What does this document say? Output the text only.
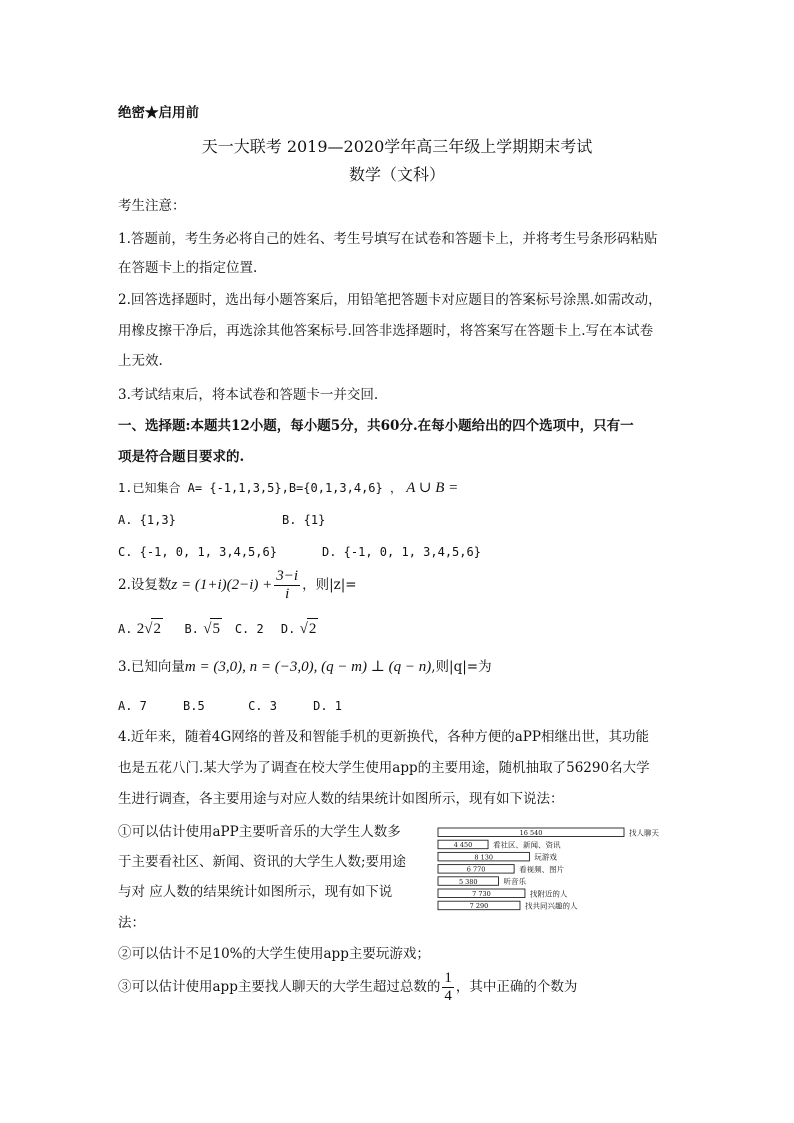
绝密★启用前
天一大联考 2019—2020学年高三年级上学期期末考试
数学（文科）
考生注意：
1.答题前，考生务必将自己的姓名、考生号填写在试卷和答题卡上，并将考生号条形码粘贴
在答题卡上的指定位置.
2.回答选择题时，选出每小题答案后，用铅笔把答题卡对应题目的答案标号涂黑.如需改动，
用橡皮擦干净后，再选涂其他答案标号.回答非选择题时，将答案写在答题卡上.写在本试卷
上无效.
3.考试结束后，将本试卷和答题卡一并交回.
一、选择题:本题共12小题，每小题5分，共60分.在每小题给出的四个选项中，只有一
项是符合题目要求的.
1.已知集合 A= {-1,1,3,5},B={0,1,3,4,6} ， A ∪ B =
A. {1,3}	B. {1}
C. {-1, 0, 1, 3,4,5,6}	D. {-1, 0, 1, 3,4,5,6}
2.设复数$z = (1+i)(2-i) + \frac{3-i}{i}$ ，则|z|=
A. 2√2 B. √5 C. 2 D. √2
3.已知向量m = (3,0), n = (−3,0), (q − m) ⊥ (q − n),则|q|=为
A. 7	B.5	C. 3	D. 1
4.近年来，随着4G网络的普及和智能手机的更新换代，各种方便的aPP相继出世，其功能
也是五花八门.某大学为了调查在校大学生使用app的主要用途，随机抽取了56290名大学
生进行调查，各主要用途与对应人数的结果统计如图所示，现有如下说法：
①可以估计使用aPP主要听音乐的大学生人数多
于主要看社区、新闻、资讯的大学生人数;要用途
与对 应人数的结果统计如图所示，现有如下说
法：
②可以估计不足10%的大学生使用app主要玩游戏；
③可以估计使用app主要找人聊天的大学生超过总数的 $\frac{1}{4}$ ，其中正确的个数为
16 540	找人聊天
4 450	看社区、新闻、资讯
8 130	玩游戏
6 770	看视频、图片
5 380	听音乐
7 730	找附近的人
7 290	找共同兴趣的人
